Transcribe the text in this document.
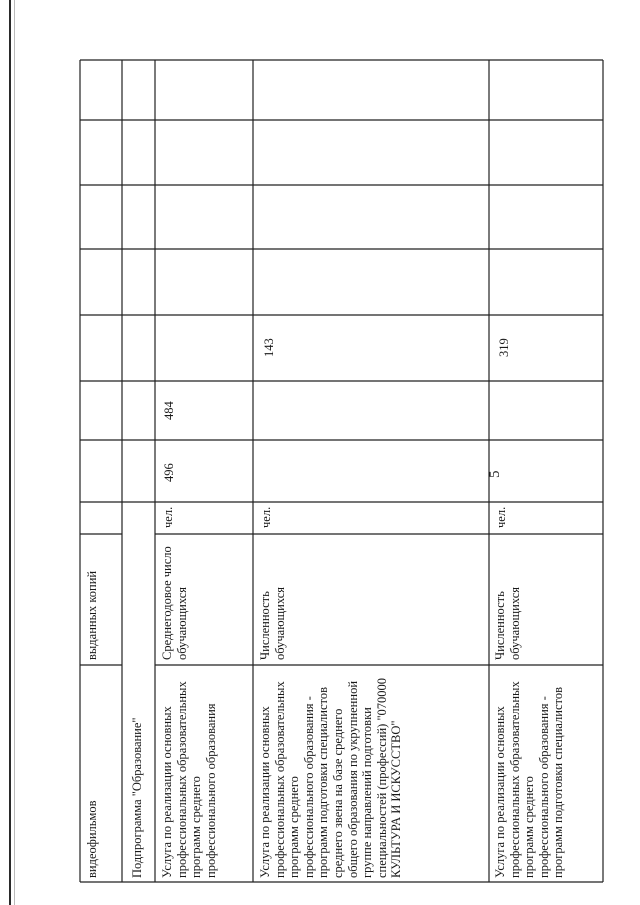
5
видеофильмов
выданных копий
Подпрограмма "Образование" Услуга по реализации основных профессиональных образовательных программ среднего профессионального образования
Среднегодовое число обучающихся
чел.
496
484
Услуга по реализации основных профессиональных образовательных программ среднего профессионального образования - программ подготовки специалистов среднего звена на базе среднего общего образования по укрупненной группе направлений подготовки специальностей (профессий) "070000 КУЛЬТУРА И ИСКУССТВО"
Численность обучающихся
чел.
143
Услуга по реализации основных профессиональных образовательных программ среднего профессионального образования - программ подготовки специалистов
Численность обучающихся
чел.
319
